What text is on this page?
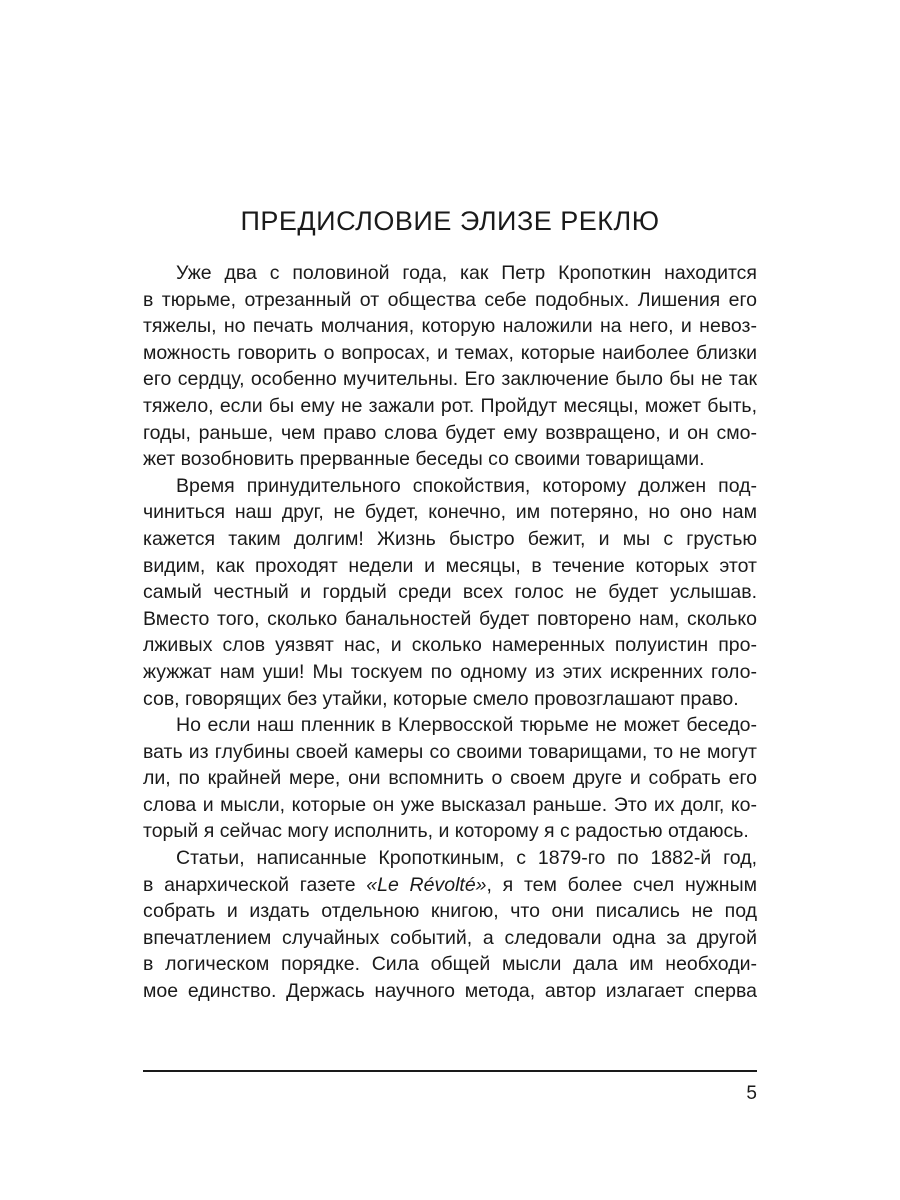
ПРЕДИСЛОВИЕ ЭЛИЗЕ РЕКЛЮ
Уже два с половиной года, как Петр Кропоткин находится
в тюрьме, отрезанный от общества себе подобных. Лишения его
тяжелы, но печать молчания, которую наложили на него, и невоз-
можность говорить о вопросах, и темах, которые наиболее близки
его сердцу, особенно мучительны. Его заключение было бы не так
тяжело, если бы ему не зажали рот. Пройдут месяцы, может быть,
годы, раньше, чем право слова будет ему возвращено, и он смо-
жет возобновить прерванные беседы со своими товарищами.
Время принудительного спокойствия, которому должен под-
чиниться наш друг, не будет, конечно, им потеряно, но оно нам
кажется таким долгим! Жизнь быстро бежит, и мы с грустью
видим, как проходят недели и месяцы, в течение которых этот
самый честный и гордый среди всех голос не будет услышав.
Вместо того, сколько банальностей будет повторено нам, сколько
лживых слов уязвят нас, и сколько намеренных полуистин про-
жужжат нам уши! Мы тоскуем по одному из этих искренних голо-
сов, говорящих без утайки, которые смело провозглашают право.
Но если наш пленник в Клервосской тюрьме не может беседо-
вать из глубины своей камеры со своими товарищами, то не могут
ли, по крайней мере, они вспомнить о своем друге и собрать его
слова и мысли, которые он уже высказал раньше. Это их долг, ко-
торый я сейчас могу исполнить, и которому я с радостью отдаюсь.
Статьи, написанные Кропоткиным, с 1879-го по 1882-й год,
в анархической газете «Le Révolté», я тем более счел нужным
собрать и издать отдельною книгою, что они писались не под
впечатлением случайных событий, а следовали одна за другой
в логическом порядке. Сила общей мысли дала им необходи-
мое единство. Держась научного метода, автор излагает сперва
5
